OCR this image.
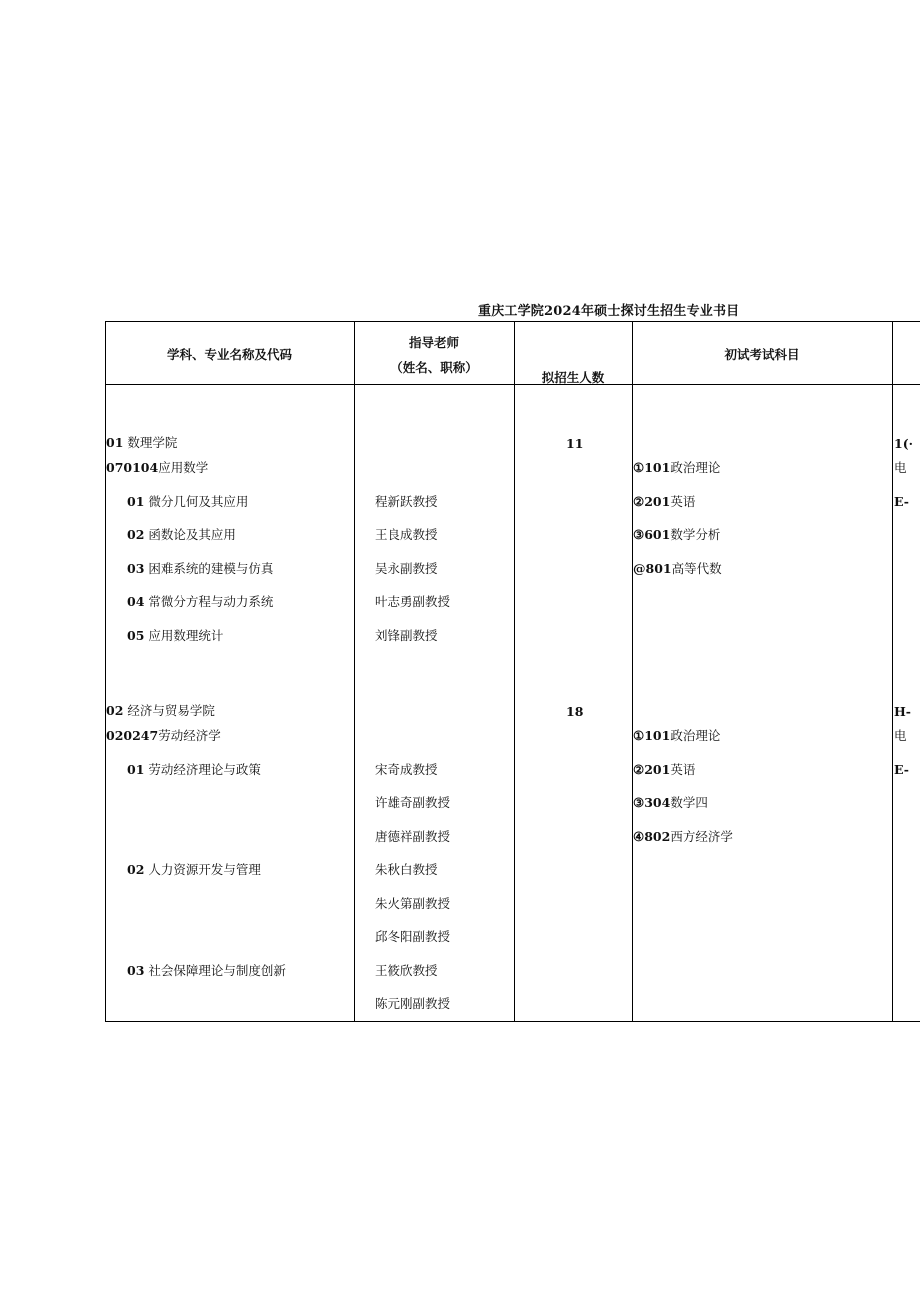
重庆工学院2024年硕士探讨生招生专业书目
学科、专业名称及代码
指导老师
（姓名、职称）
拟招生人数
初试考试科目
01 数理学院	11
070104应用数学
01 微分几何及其应用
02 函数论及其应用
03 困难系统的建模与仿真
04 常微分方程与动力系统
05 应用数理统计
程新跃教授
王良成教授
吴永副教授
叶志勇副教授
刘锋副教授
①101政治理论
②201英语
③601数学分析
@801高等代数
1(·
电
E-
02 经济与贸易学院	18
020247劳动经济学
01 劳动经济理论与政策
02 人力资源开发与管理
03 社会保障理论与制度创新
宋奇成教授
许雄奇副教授
唐德祥副教授
朱秋白教授
朱火第副教授
邱冬阳副教授
王筱欣教授
陈元刚副教授
①101政治理论
②201英语
③304数学四
④802西方经济学
H-
电
E-
